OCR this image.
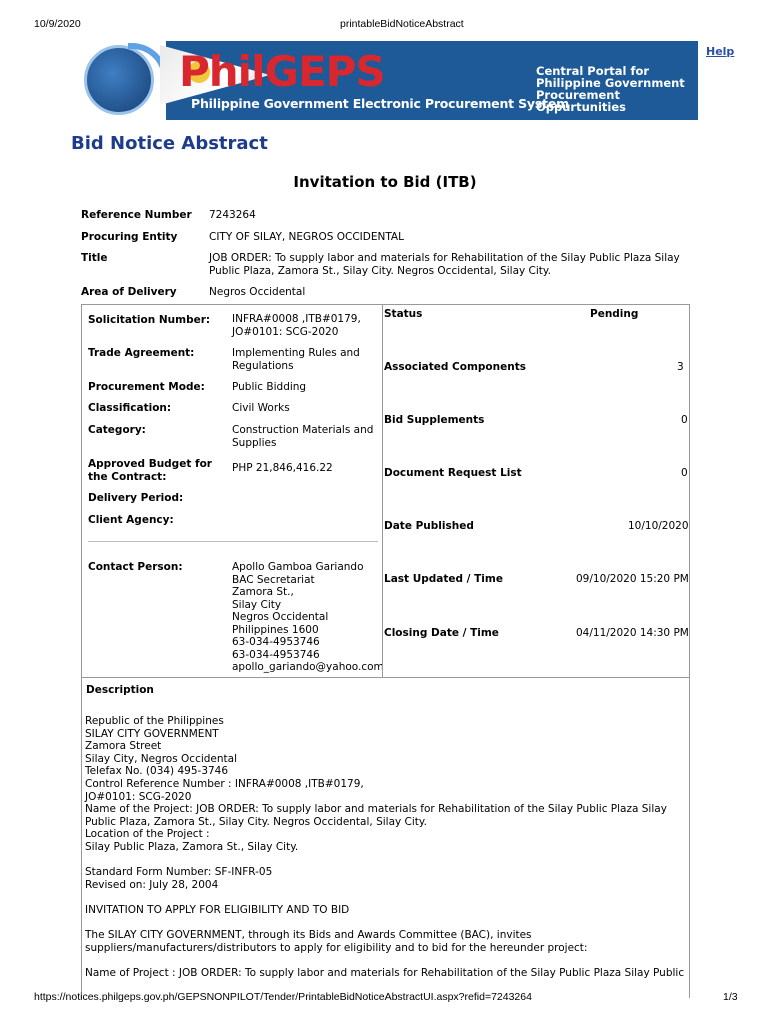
10/9/2020	printableBidNoticeAbstract
PhilGEPS
Philippine Government Electronic Procurement System
Central Portal for
Philippine Government
Procurement Oppurtunities
Help
Bid Notice Abstract
Invitation to Bid (ITB)
Reference Number 7243264
Procuring Entity	CITY OF SILAY, NEGROS OCCIDENTAL
Title	JOB ORDER: To supply labor and materials for Rehabilitation of the Silay Public Plaza Silay
Public Plaza, Zamora St., Silay City. Negros Occidental, Silay City.
Area of Delivery	Negros Occidental
Solicitation Number: INFRA#0008 ,ITB#0179,
JO#0101: SCG-2020
Trade Agreement:	Implementing Rules and
Regulations
Procurement Mode:	Public Bidding
Classification:	Civil Works
Category:	Construction Materials and
Supplies
Approved Budget for
the Contract:
PHP 21,846,416.22
Delivery Period:
Client Agency:
Contact Person:	Apollo Gamboa Gariando
BAC Secretariat
Zamora St.,
Silay City
Negros Occidental
Philippines 1600
63-034-4953746
63-034-4953746
apollo_gariando@yahoo.com
Status	Pending
Associated Components	3
Bid Supplements	0
Document Request List	0
Date Published	10/10/2020
Last Updated / Time	09/10/2020 15:20 PM
Closing Date / Time	04/11/2020 14:30 PM
Description
Republic of the Philippines
SILAY CITY GOVERNMENT
Zamora Street
Silay City, Negros Occidental
Telefax No. (034) 495-3746
Control Reference Number : INFRA#0008 ,ITB#0179,
JO#0101: SCG-2020
Name of the Project: JOB ORDER: To supply labor and materials for Rehabilitation of the Silay Public Plaza Silay
Public Plaza, Zamora St., Silay City. Negros Occidental, Silay City.
Location of the Project :
Silay Public Plaza, Zamora St., Silay City.

Standard Form Number: SF-INFR-05
Revised on: July 28, 2004

INVITATION TO APPLY FOR ELIGIBILITY AND TO BID

The SILAY CITY GOVERNMENT, through its Bids and Awards Committee (BAC), invites
suppliers/manufacturers/distributors to apply for eligibility and to bid for the hereunder project:

Name of Project : JOB ORDER: To supply labor and materials for Rehabilitation of the Silay Public Plaza Silay Public
https://notices.philgeps.gov.ph/GEPSNONPILOT/Tender/PrintableBidNoticeAbstractUI.aspx?refid=7243264	1/3
